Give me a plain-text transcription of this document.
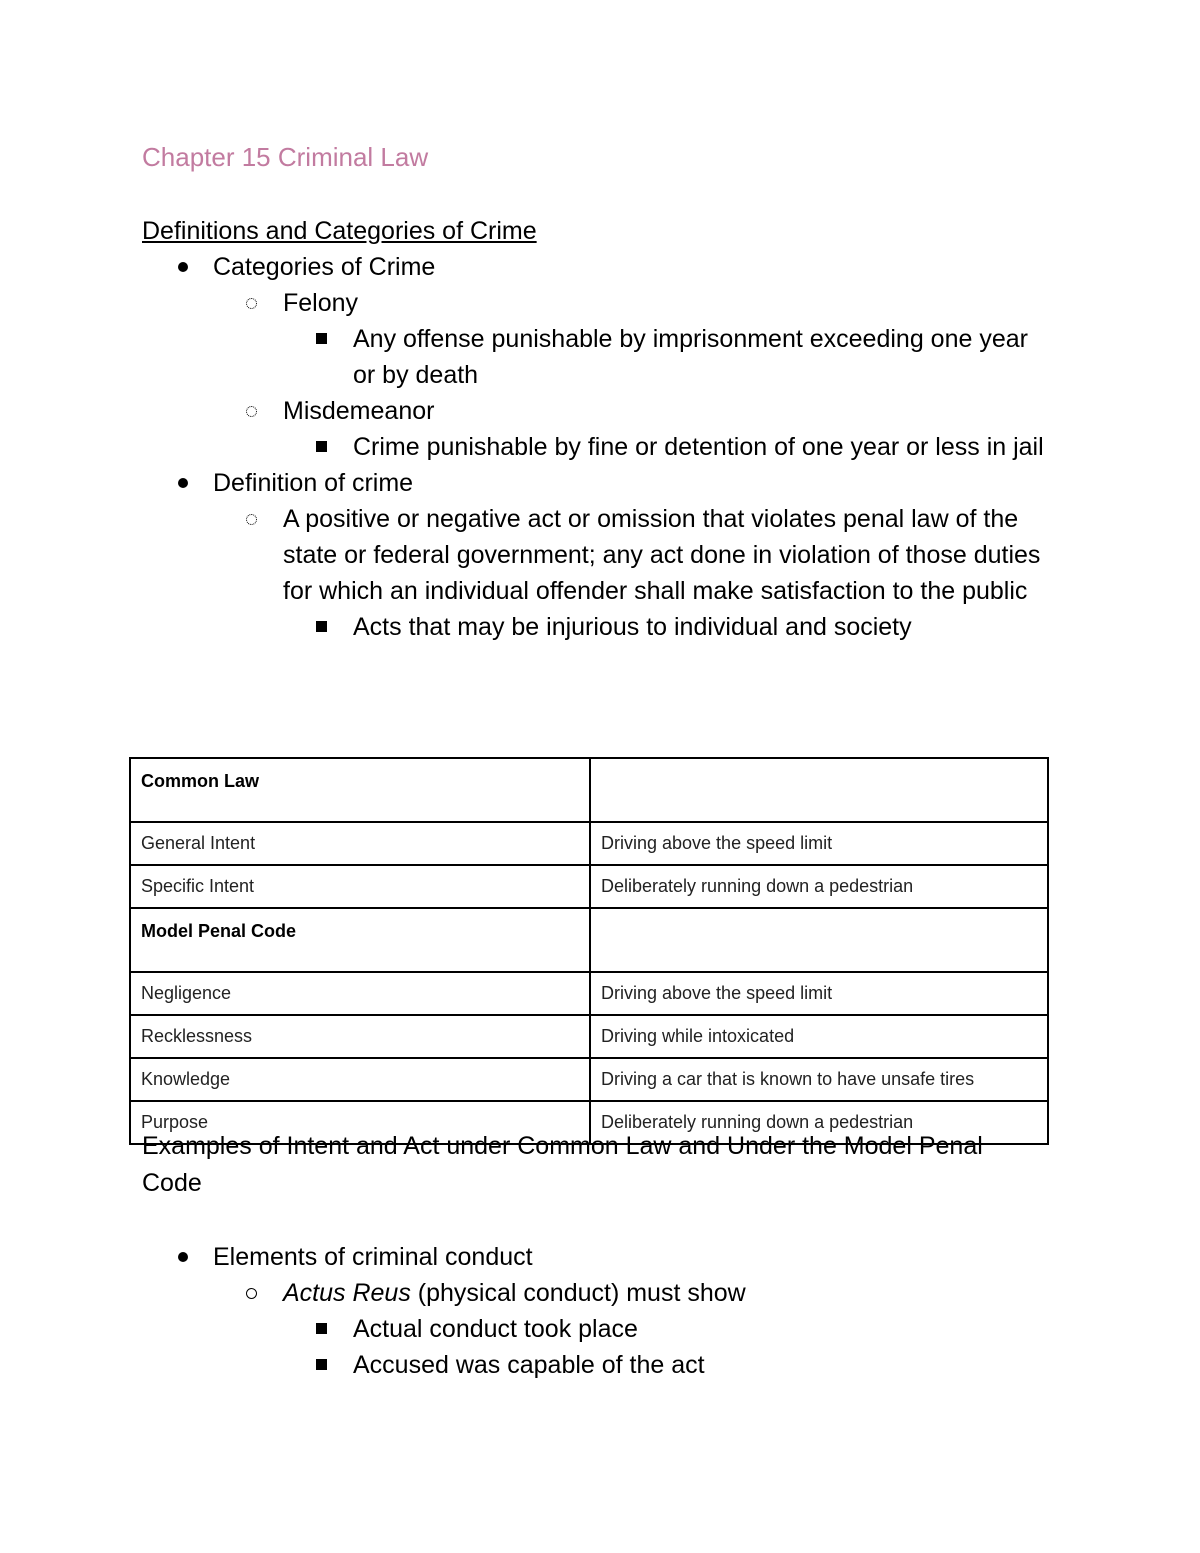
Chapter 15 Criminal Law
Definitions and Categories of Crime
Categories of Crime
Felony
Any offense punishable by imprisonment exceeding one year or by death
Misdemeanor
Crime punishable by fine or detention of one year or less in jail
Definition of crime
A positive or negative act or omission that violates penal law of the state or federal government; any act done in violation of those duties for which an individual offender shall make satisfaction to the public
Acts that may be injurious to individual and society
Common Law	
General Intent	Driving above the speed limit
Specific Intent	Deliberately running down a pedestrian
Model Penal Code	
Negligence	Driving above the speed limit
Recklessness	Driving while intoxicated
Knowledge	Driving a car that is known to have unsafe tires
Purpose	Deliberately running down a pedestrian

Examples of Intent and Act under Common Law and Under the Model Penal Code

Elements of criminal conduct
Actus Reus (physical conduct) must show
Actual conduct took place
Accused was capable of the act
